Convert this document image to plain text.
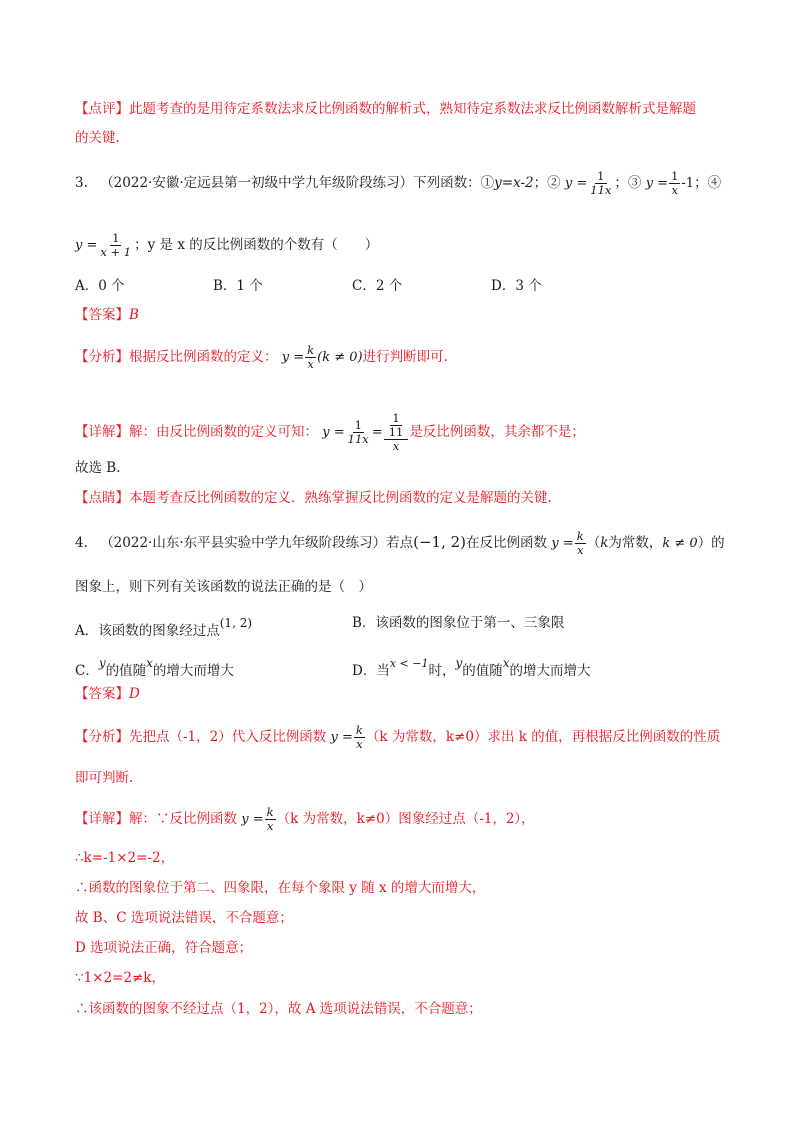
【点评】此题考查的是用待定系数法求反比例函数的解析式，熟知待定系数法求反比例函数解析式是解题
的关键.
3. （2022·安徽·定远县第一初级中学九年级阶段练习）下列函数：①y=x-2；② $y = \frac{1}{11x}$ ；③ $y = \frac{1}{x} -1$；④
$y = \frac{1}{x + 1}$ ；y 是 x 的反比例函数的个数有（　　）
A．0 个	B．1 个	C．2 个	D．3 个
【答案】B
【分析】根据反比例函数的定义： $y = \frac{k}{x} (k \ne 0)$进行判断即可.
【详解】解：由反比例函数的定义可知： $y = \frac{1}{11x} = \frac{\frac{1}{11}}{x}$ 是反比例函数，其余都不是；
故选 B.
【点睛】本题考查反比例函数的定义．熟练掌握反比例函数的定义是解题的关键.
4. （2022·山东·东平县实验中学九年级阶段练习）若点(−1, 2)在反比例函数 $y = \frac{k}{x} (k$为常数，k ≠ 0）的
图象上，则下列有关该函数的说法正确的是（　）
A．该函数的图象经过点(1, 2)	B．该函数的图象位于第一、三象限
C．y的值随x的增大而增大	D．当$^{x < -1}$时，y的值随x的增大而增大
【答案】D
【分析】先把点（-1，2）代入反比例函数 $y = \frac{k}{x} (k$ 为常数，k≠0）求出 k 的值，再根据反比例函数的性质
即可判断.
【详解】解：∵反比例函数 $y = \frac{k}{x} (k$ 为常数，k≠0）图象经过点（-1，2），
∴k=-1×2=-2，
∴函数的图象位于第二、四象限，在每个象限 y 随 x 的增大而增大，
故 B、C 选项说法错误，不合题意；
D 选项说法正确，符合题意；
∵1×2=2≠k，
∴该函数的图象不经过点（1，2），故 A 选项说法错误，不合题意；
